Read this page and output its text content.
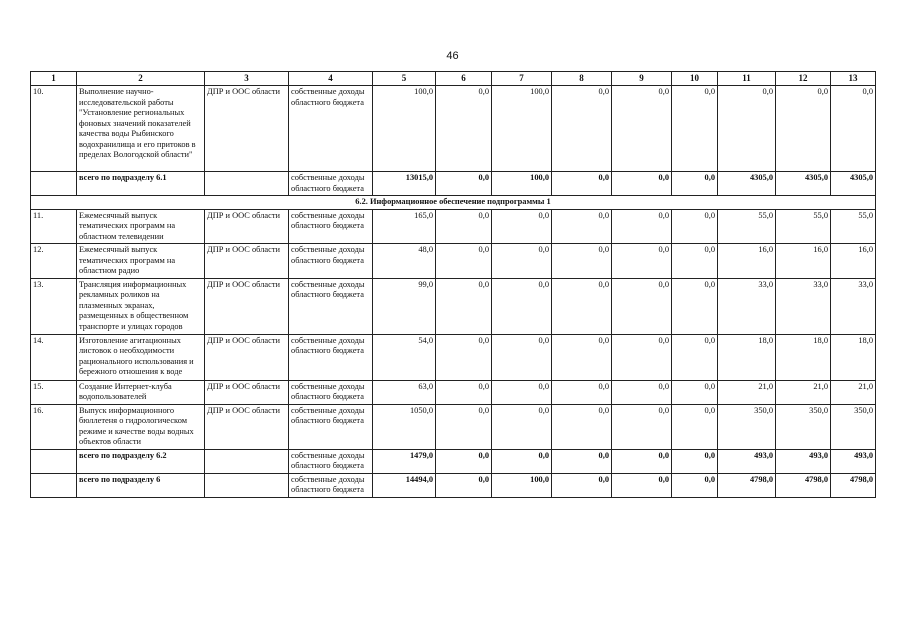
46
1	2	3	4	5	6	7	8	9	10	11	12	13
10.	Выполнение научно-исследовательской работы "Установление региональных фоновых значений показателей качества воды Рыбинского водохранилища и его притоков в пределах Вологодской области"	ДПР и ООС области	собственные доходы областного бюджета	100,0	0,0	100,0	0,0	0,0	0,0	0,0	0,0	0,0
	всего по подразделу 6.1		собственные доходы областного бюджета	13015,0	0,0	100,0	0,0	0,0	0,0	4305,0	4305,0	4305,0
6.2. Информационное обеспечение подпрограммы 1												
11.	Ежемесячный выпуск тематических программ на областном телевидении	ДПР и ООС области	собственные доходы областного бюджета	165,0	0,0	0,0	0,0	0,0	0,0	55,0	55,0	55,0
12.	Ежемесячный выпуск тематических программ на областном радио	ДПР и ООС области	собственные доходы областного бюджета	48,0	0,0	0,0	0,0	0,0	0,0	16,0	16,0	16,0
13.	Трансляция информационных рекламных роликов на плазменных экранах, размещенных в общественном транспорте и улицах городов	ДПР и ООС области	собственные доходы областного бюджета	99,0	0,0	0,0	0,0	0,0	0,0	33,0	33,0	33,0
14.	Изготовление агитационных листовок о необходимости рационального использования и бережного отношения к воде	ДПР и ООС области	собственные доходы областного бюджета	54,0	0,0	0,0	0,0	0,0	0,0	18,0	18,0	18,0
15.	Создание Интернет-клуба водопользователей	ДПР и ООС области	собственные доходы областного бюджета	63,0	0,0	0,0	0,0	0,0	0,0	21,0	21,0	21,0
16.	Выпуск информационного бюллетеня о гидрологическом режиме и качестве воды водных объектов области	ДПР и ООС области	собственные доходы областного бюджета	1050,0	0,0	0,0	0,0	0,0	0,0	350,0	350,0	350,0
	всего по подразделу 6.2		собственные доходы областного бюджета	1479,0	0,0	0,0	0,0	0,0	0,0	493,0	493,0	493,0
	всего по подразделу 6		собственные доходы областного бюджета	14494,0	0,0	100,0	0,0	0,0	0,0	4798,0	4798,0	4798,0
